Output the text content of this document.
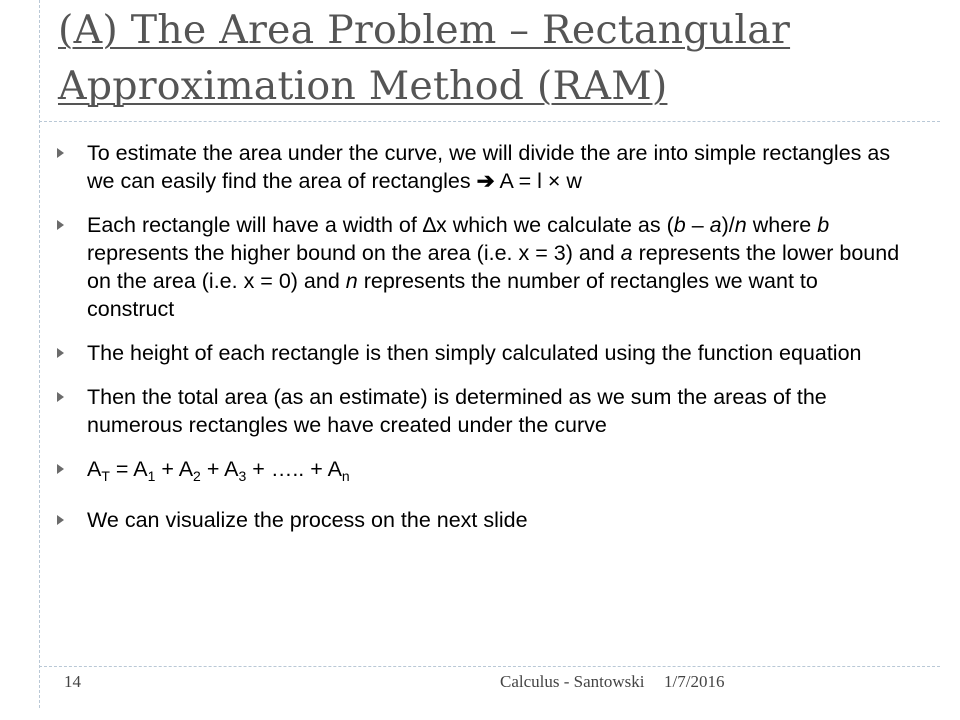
(A) The Area Problem – Rectangular
Approximation Method (RAM)
To estimate the area under the curve, we will divide the are into simple rectangles as we can easily find the area of rectangles ➔ A = l × w
Each rectangle will have a width of ∆x which we calculate as (b – a)/n where b represents the higher bound on the area (i.e. x = 3) and a represents the lower bound on the area (i.e. x = 0) and n represents the number of rectangles we want to construct
The height of each rectangle is then simply calculated using the function equation
Then the total area (as an estimate) is determined as we sum the areas of the numerous rectangles we have created under the curve
$A_T = A_1 + A_2 + A_3$ + ….. + $A_n$
We can visualize the process on the next slide
14	Calculus - Santowski 1/7/2016
